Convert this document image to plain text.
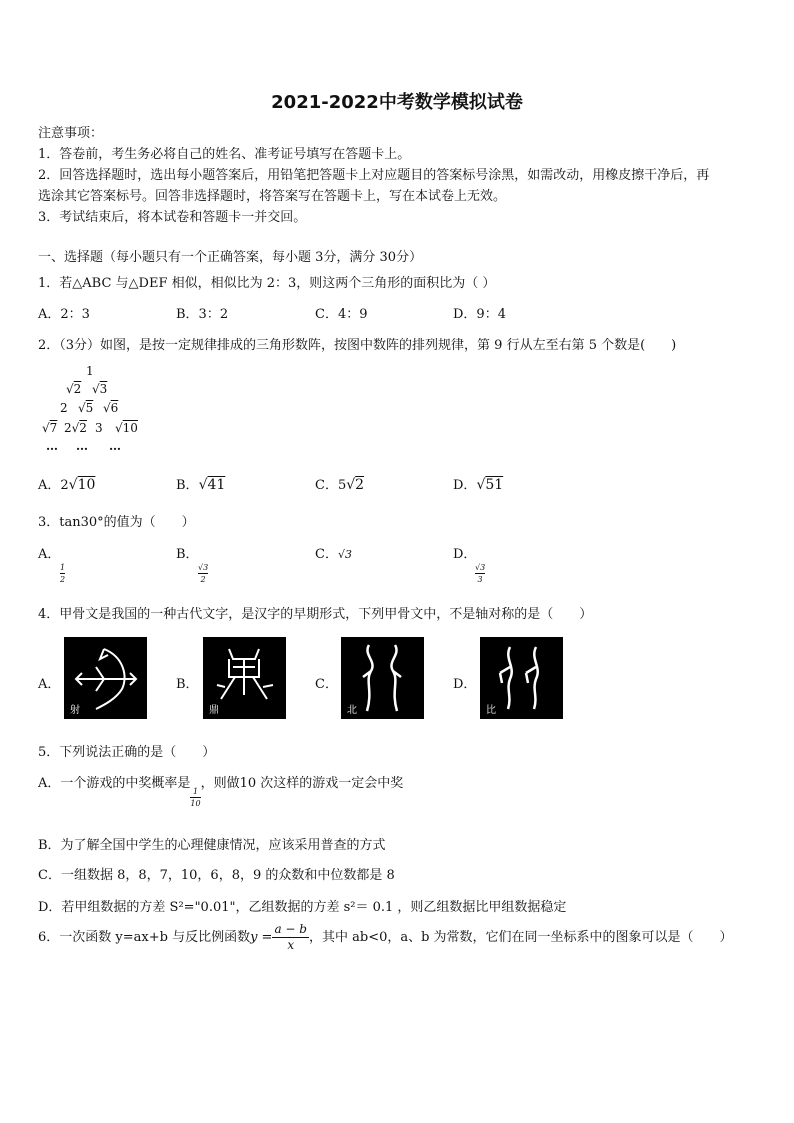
2021-2022中考数学模拟试卷
注意事项：
1．答卷前，考生务必将自己的姓名、准考证号填写在答题卡上。
2．回答选择题时，选出每小题答案后，用铅笔把答题卡上对应题目的答案标号涂黑，如需改动，用橡皮擦干净后，再
选涂其它答案标号。回答非选择题时，将答案写在答题卡上，写在本试卷上无效。
3．考试结束后，将本试卷和答题卡一并交回。
一、选择题（每小题只有一个正确答案，每小题 3分，满分 30分）
1．若△ABC 与△DEF 相似，相似比为 2：3，则这两个三角形的面积比为（ ）
A．2：3	B．3：2	C．4：9	D．9：4
2．（3分）如图，是按一定规律排成的三角形数阵，按图中数阵的排列规律，第 9 行从左至右第 5 个数是(　　)
1
√2 √3
2 √5 √6
√7 2√2 3 √10
… … …
A．2√10	B．√41	C．5√2	D．√51
3．tan30°的值为（　　）
A．

$\frac{1}{2}$
B．

$\frac{√3}{2}$
C．√3	D．

$\frac{√3}{3}$
4．甲骨文是我国的一种古代文字，是汉字的早期形式，下列甲骨文中，不是轴对称的是（　　）
A．
射
B．
鼎
C．
北
D．
比
5．下列说法正确的是（　　）
A．一个游戏的中奖概率是
$\frac{1}{10}$
，则做10 次这样的游戏一定会中奖
B．为了解全国中学生的心理健康情况，应该采用普查的方式
C．一组数据 8，8，7，10，6，8，9 的众数和中位数都是 8
D．若甲组数据的方差 S²="0.01"，乙组数据的方差 s²＝ 0.1 ，则乙组数据比甲组数据稳定
6．一次函数 y=ax+b 与反比例函数$y = \frac{a - b}{x}$ ，其中 ab<0，a、b 为常数，它们在同一坐标系中的图象可以是（　　）
